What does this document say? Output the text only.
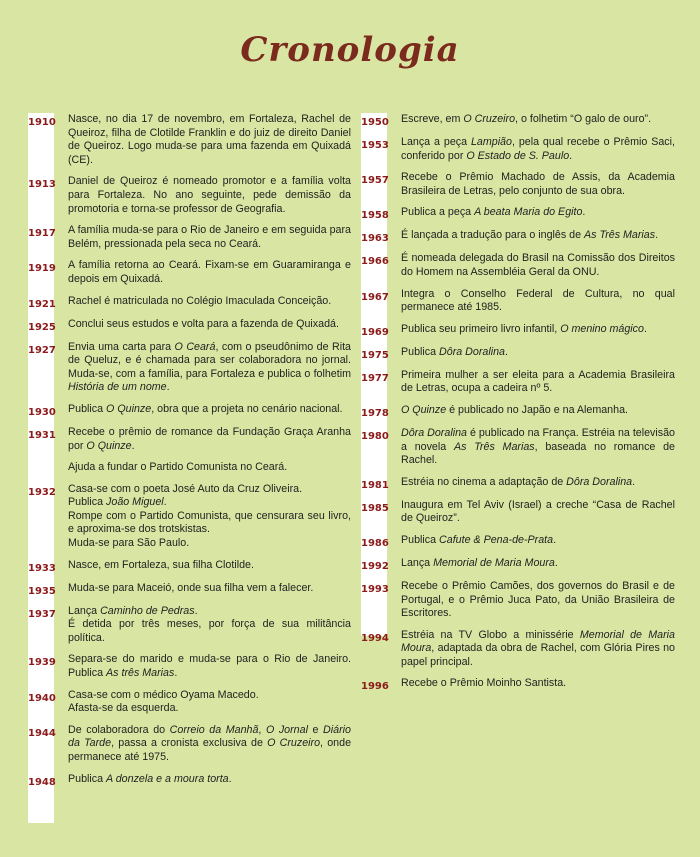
Cronologia
1910	Nasce, no dia 17 de novembro, em Fortaleza, Rachel de Queiroz, filha de Clotilde Franklin e do juiz de direito Daniel de Queiroz. Logo muda-se para uma fazenda em Quixadá (CE).
1913	Daniel de Queiroz é nomeado promotor e a família volta para Fortaleza. No ano seguinte, pede demissão da promotoria e torna-se professor de Geografia.
1917	A família muda-se para o Rio de Janeiro e em seguida para Belém, pressionada pela seca no Ceará.
1919	A família retorna ao Ceará. Fixam-se em Guaramiranga e depois em Quixadá.
1921	Rachel é matriculada no Colégio Imaculada Conceição.
1925	Conclui seus estudos e volta para a fazenda de Quixadá.
1927	Envia uma carta para O Ceará, com o pseudônimo de Rita de Queluz, e é chamada para ser colaboradora no jornal. Muda-se, com a família, para Fortaleza e publica o folhetim História de um nome.
1930	Publica O Quinze, obra que a projeta no cenário nacional.
1931	Recebe o prêmio de romance da Fundação Graça Aranha por O Quinze.
Ajuda a fundar o Partido Comunista no Ceará.
1932	Casa-se com o poeta José Auto da Cruz Oliveira.
Publica João Miguel.
Rompe com o Partido Comunista, que censurara seu livro, e aproxima-se dos trotskistas.
Muda-se para São Paulo.
1933	Nasce, em Fortaleza, sua filha Clotilde.
1935	Muda-se para Maceió, onde sua filha vem a falecer.
1937	Lança Caminho de Pedras.
É detida por três meses, por força de sua militância política.
1939	Separa-se do marido e muda-se para o Rio de Janeiro. Publica As três Marias.
1940	Casa-se com o médico Oyama Macedo.
Afasta-se da esquerda.
1944	De colaboradora do Correio da Manhã, O Jornal e Diário da Tarde, passa a cronista exclusiva de O Cruzeiro, onde permanece até 1975.
1948	Publica A donzela e a moura torta.
1950	Escreve, em O Cruzeiro, o folhetim “O galo de ouro”.
1953	Lança a peça Lampião, pela qual recebe o Prêmio Saci, conferido por O Estado de S. Paulo.
1957	Recebe o Prêmio Machado de Assis, da Academia Brasileira de Letras, pelo conjunto de sua obra.
1958	Publica a peça A beata Maria do Egito.
1963	É lançada a tradução para o inglês de As Três Marias.
1966	É nomeada delegada do Brasil na Comissão dos Direitos do Homem na Assembléia Geral da ONU.
1967	Integra o Conselho Federal de Cultura, no qual permanece até 1985.
1969	Publica seu primeiro livro infantil, O menino mágico.
1975	Publica Dôra Doralina.
1977	Primeira mulher a ser eleita para a Academia Brasileira de Letras, ocupa a cadeira nº 5.
1978	O Quinze é publicado no Japão e na Alemanha.
1980	Dôra Doralina é publicado na França. Estréia na televisão a novela As Três Marias, baseada no romance de Rachel.
1981	Estréia no cinema a adaptação de Dôra Doralina.
1985	Inaugura em Tel Aviv (Israel) a creche “Casa de Rachel de Queiroz”.
1986	Publica Cafute & Pena-de-Prata.
1992	Lança Memorial de Maria Moura.
1993	Recebe o Prêmio Camões, dos governos do Brasil e de Portugal, e o Prêmio Juca Pato, da União Brasileira de Escritores.
1994	Estréia na TV Globo a minissérie Memorial de Maria Moura, adaptada da obra de Rachel, com Glória Pires no papel principal.
1996	Recebe o Prêmio Moinho Santista.
